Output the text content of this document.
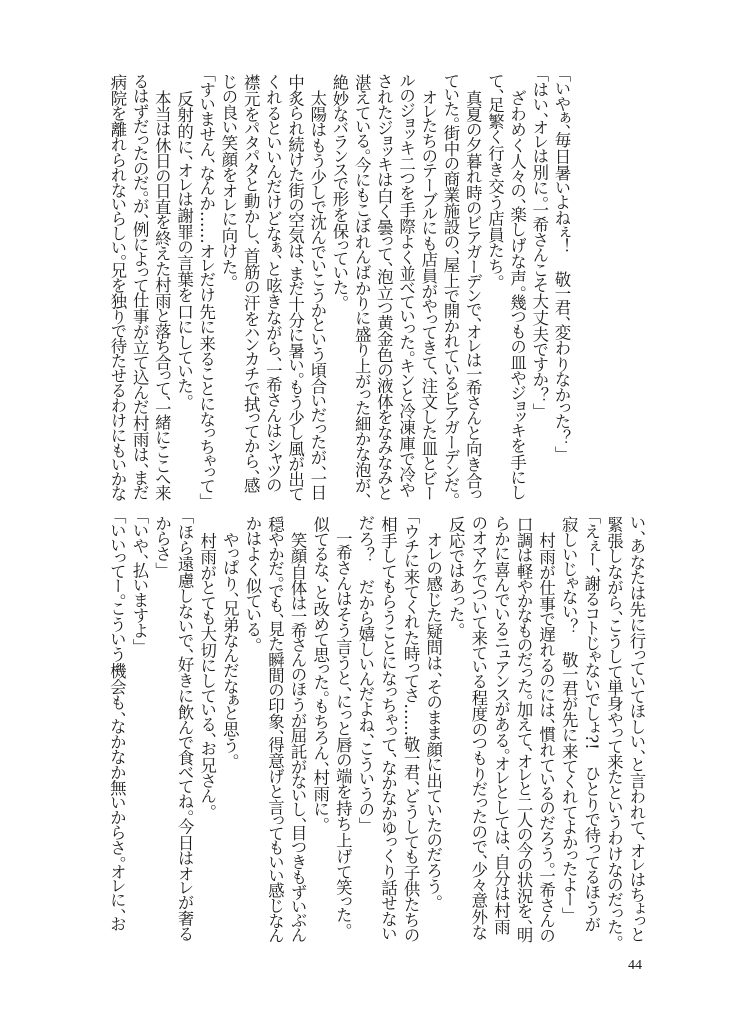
「いやぁ、毎日暑いよねぇ！　敬一君、変わりなかった？」
「はい、オレは別に。一希さんこそ大丈夫ですか？」
　ざわめく人々の、楽しげな声。幾つもの皿やジョッキを手にし
て、足繁く行き交う店員たち。
　真夏の夕暮れ時のビアガーデンで、オレは一希さんと向き合っ
ていた。街中の商業施設の、屋上で開かれているビアガーデンだ。
　オレたちのテーブルにも店員がやってきて、注文した皿とビー
ルのジョッキ二つを手際よく並べていった。キンと冷凍庫で冷や
されたジョッキは白く曇って、泡立つ黄金色の液体をなみなみと
湛えている。今にもこぼれんばかりに盛り上がった細かな泡が、
絶妙なバランスで形を保っていた。
　太陽はもう少しで沈んでいこうかという頃合いだったが、一日
中炙られ続けた街の空気は、まだ十分に暑い。もう少し風が出て
くれるといいんだけどなぁ、と呟きながら、一希さんはシャツの
襟元をパタパタと動かし、首筋の汗をハンカチで拭ってから、感
じの良い笑顔をオレに向けた。
「すいません、なんか……オレだけ先に来ることになっちゃって」
　反射的に、オレは謝罪の言葉を口にしていた。
　本当は休日の日直を終えた村雨と落ち合って、一緒にここへ来
るはずだったのだ。が、例によって仕事が立て込んだ村雨は、まだ
病院を離れられないらしい。兄を独りで待たせるわけにもいかな
い、あなたは先に行っていてほしい、と言われて、オレはちょっと
緊張しながら、こうして単身やって来たというわけなのだった。
「えぇー、謝るコトじゃないでしょ?!　ひとりで待ってるほうが
寂しいじゃない？　敬一君が先に来てくれてよかったよー」
　村雨が仕事で遅れるのには、慣れているのだろう。一希さんの
口調は軽やかなものだった。加えて、オレと二人の今の状況を、明
らかに喜んでいるニュアンスがある。オレとしては、自分は村雨
のオマケでついて来ている程度のつもりだったので、少々意外な
反応ではあった。
　オレの感じた疑問は、そのまま顔に出ていたのだろう。
「ウチに来てくれた時ってさ……敬一君、どうしても子供たちの
相手してもらうことになっちゃって、なかなかゆっくり話せない
だろ？　だから嬉しいんだよね、こういうの」
　一希さんはそう言うと、にっと唇の端を持ち上げて笑った。
似てるな、と改めて思った。もちろん、村雨に。
　笑顔自体は一希さんのほうが屈託がないし、目つきもずいぶん
穏やかだ。でも、見た瞬間の印象、得意げと言ってもいい感じなん
かはよく似ている。
　やっぱり、兄弟なんだなぁと思う。
　村雨がとても大切にしている、お兄さん。
「ほら遠慮しないで、好きに飲んで食べてね。今日はオレが奢る
からさ」
「いや、払いますよ」
「いいってー。こういう機会も、なかなか無いからさ。オレに、お
44
